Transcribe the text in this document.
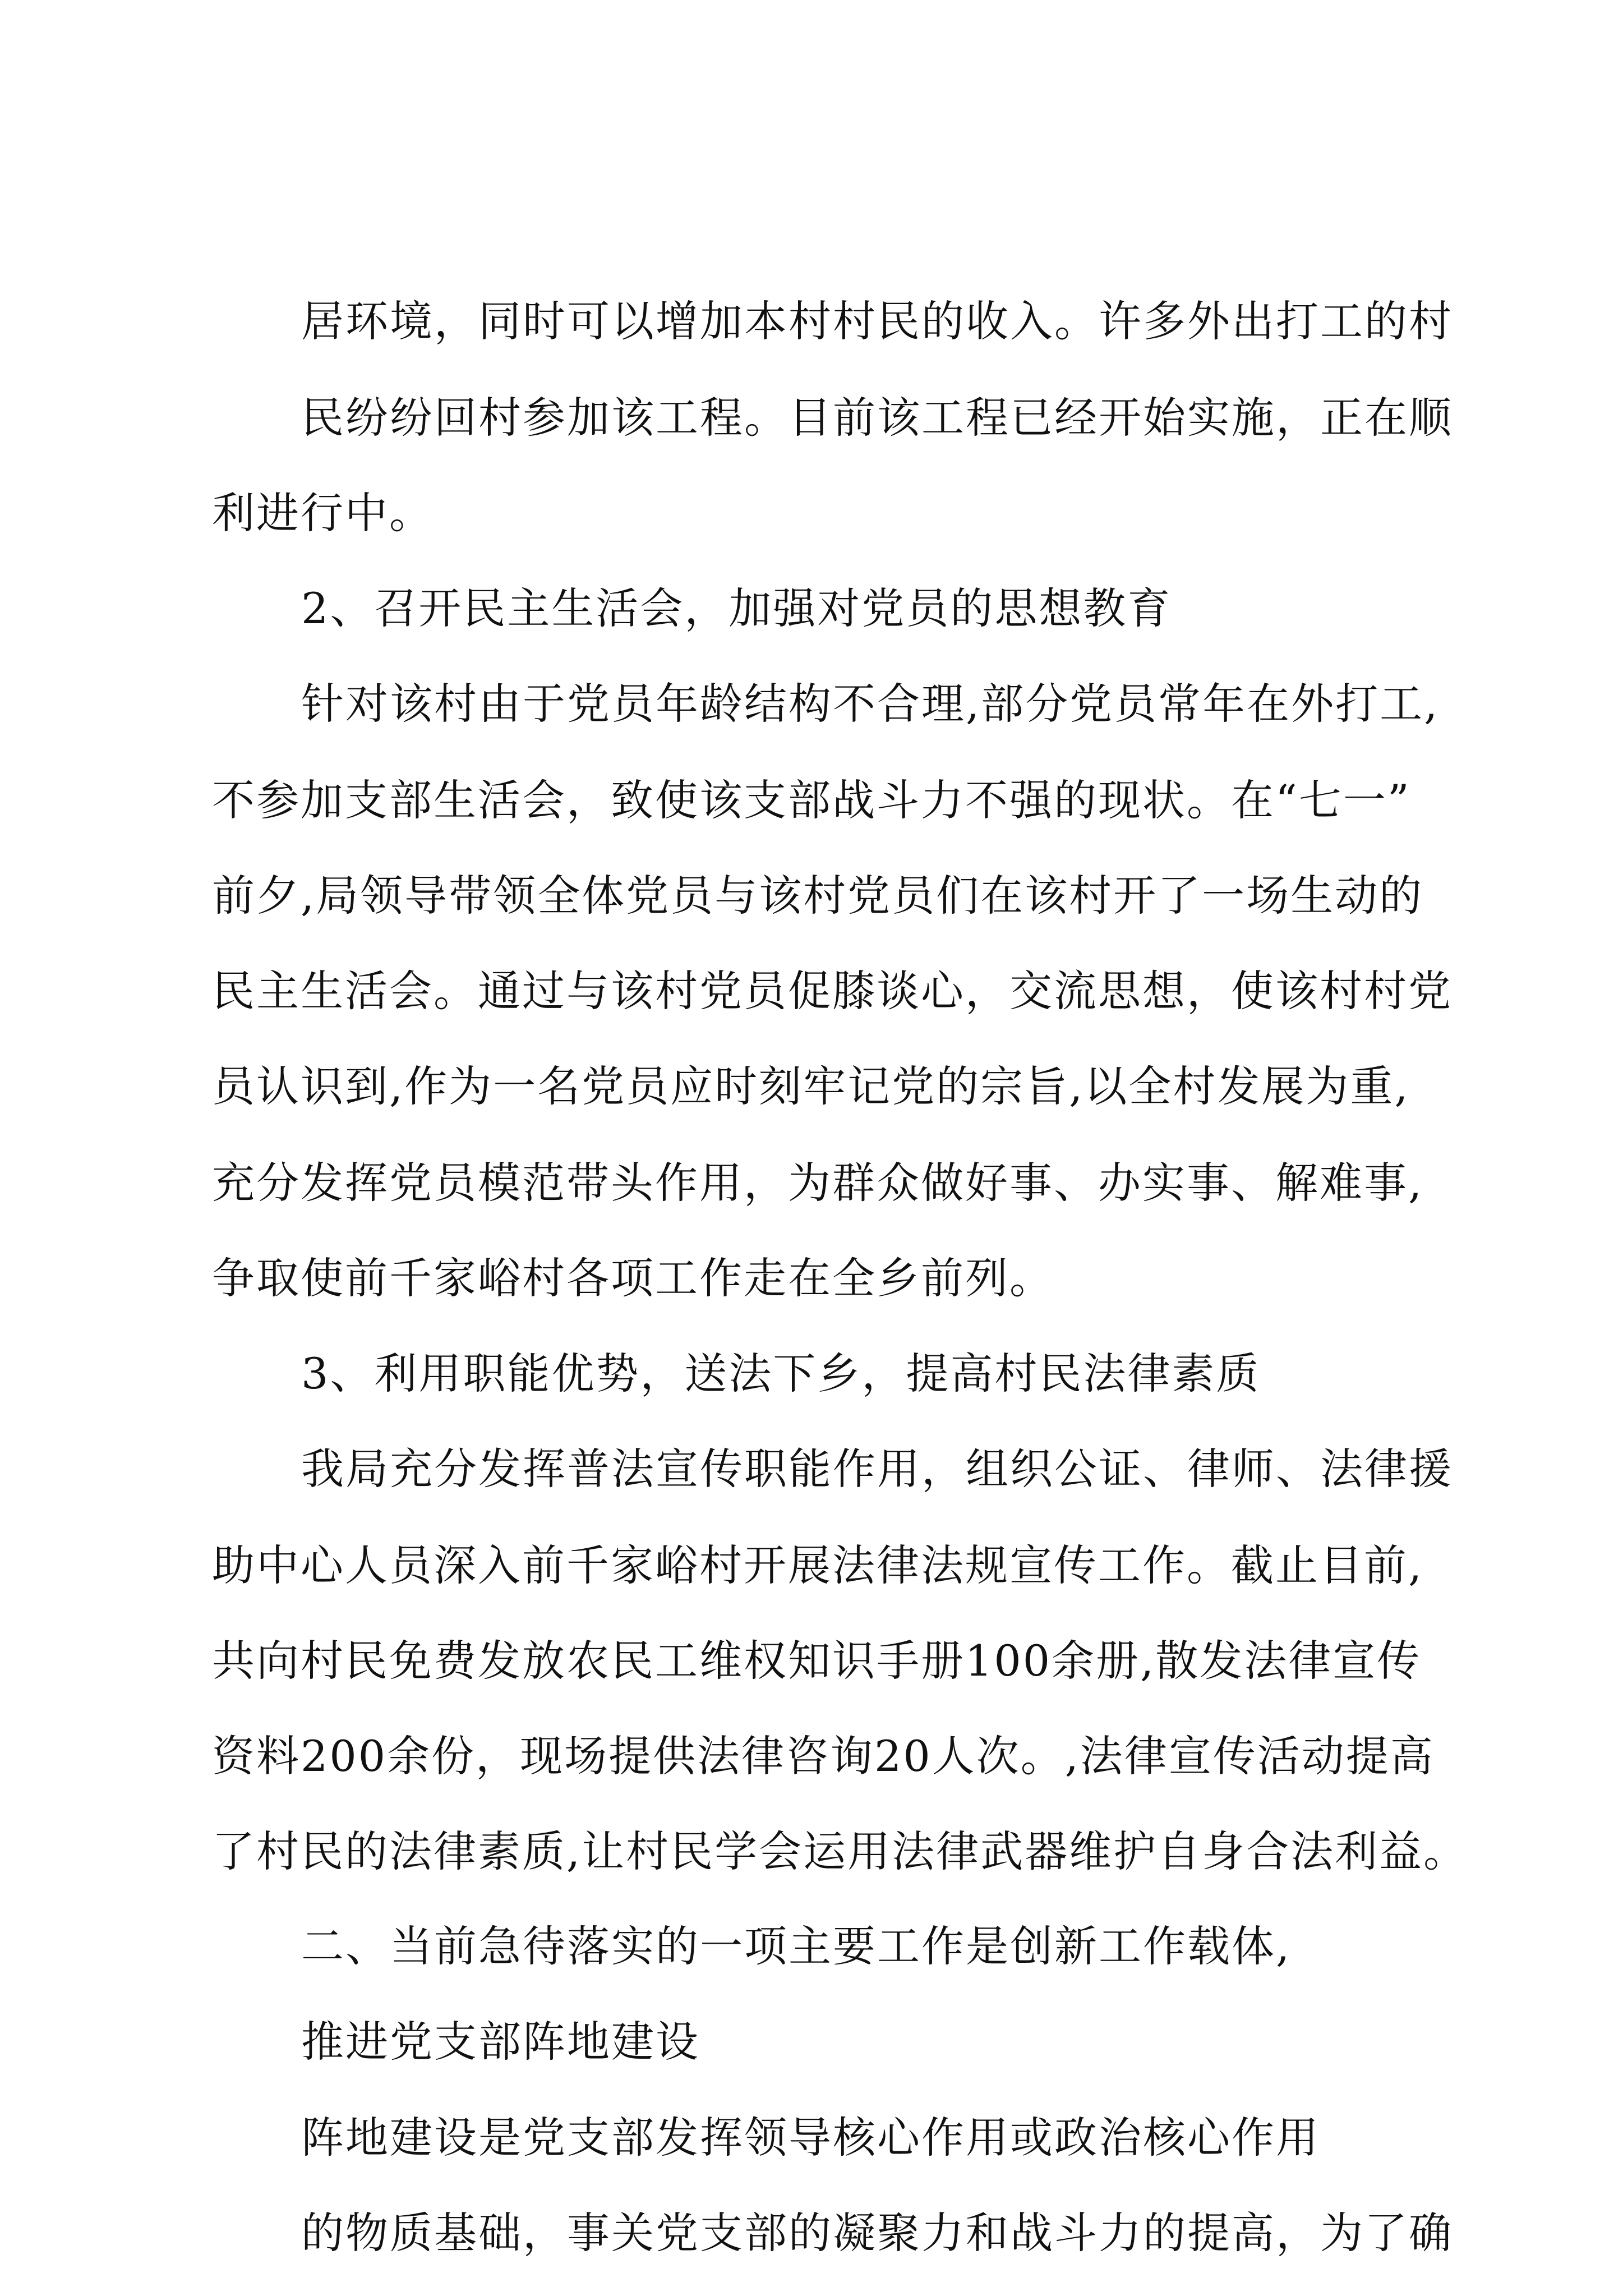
居环境，同时可以增加本村村民的收入。许多外出打工的村
民纷纷回村参加该工程。目前该工程已经开始实施，正在顺
利进行中。
2、召开民主生活会，加强对党员的思想教育
针对该村由于党员年龄结构不合理,部分党员常年在外打工,
不参加支部生活会，致使该支部战斗力不强的现状。在“七一”
前夕,局领导带领全体党员与该村党员们在该村开了一场生动的
民主生活会。通过与该村党员促膝谈心，交流思想，使该村村党
员认识到,作为一名党员应时刻牢记党的宗旨,以全村发展为重,
充分发挥党员模范带头作用，为群众做好事、办实事、解难事,
争取使前千家峪村各项工作走在全乡前列。
3、利用职能优势，送法下乡，提高村民法律素质
我局充分发挥普法宣传职能作用，组织公证、律师、法律援
助中心人员深入前千家峪村开展法律法规宣传工作。截止目前,
共向村民免费发放农民工维权知识手册100余册,散发法律宣传
资料200余份，现场提供法律咨询20人次。,法律宣传活动提高
了村民的法律素质,让村民学会运用法律武器维护自身合法利益。
二、当前急待落实的一项主要工作是创新工作载体,
推进党支部阵地建设
阵地建设是党支部发挥领导核心作用或政治核心作用
的物质基础，事关党支部的凝聚力和战斗力的提高，为了确
